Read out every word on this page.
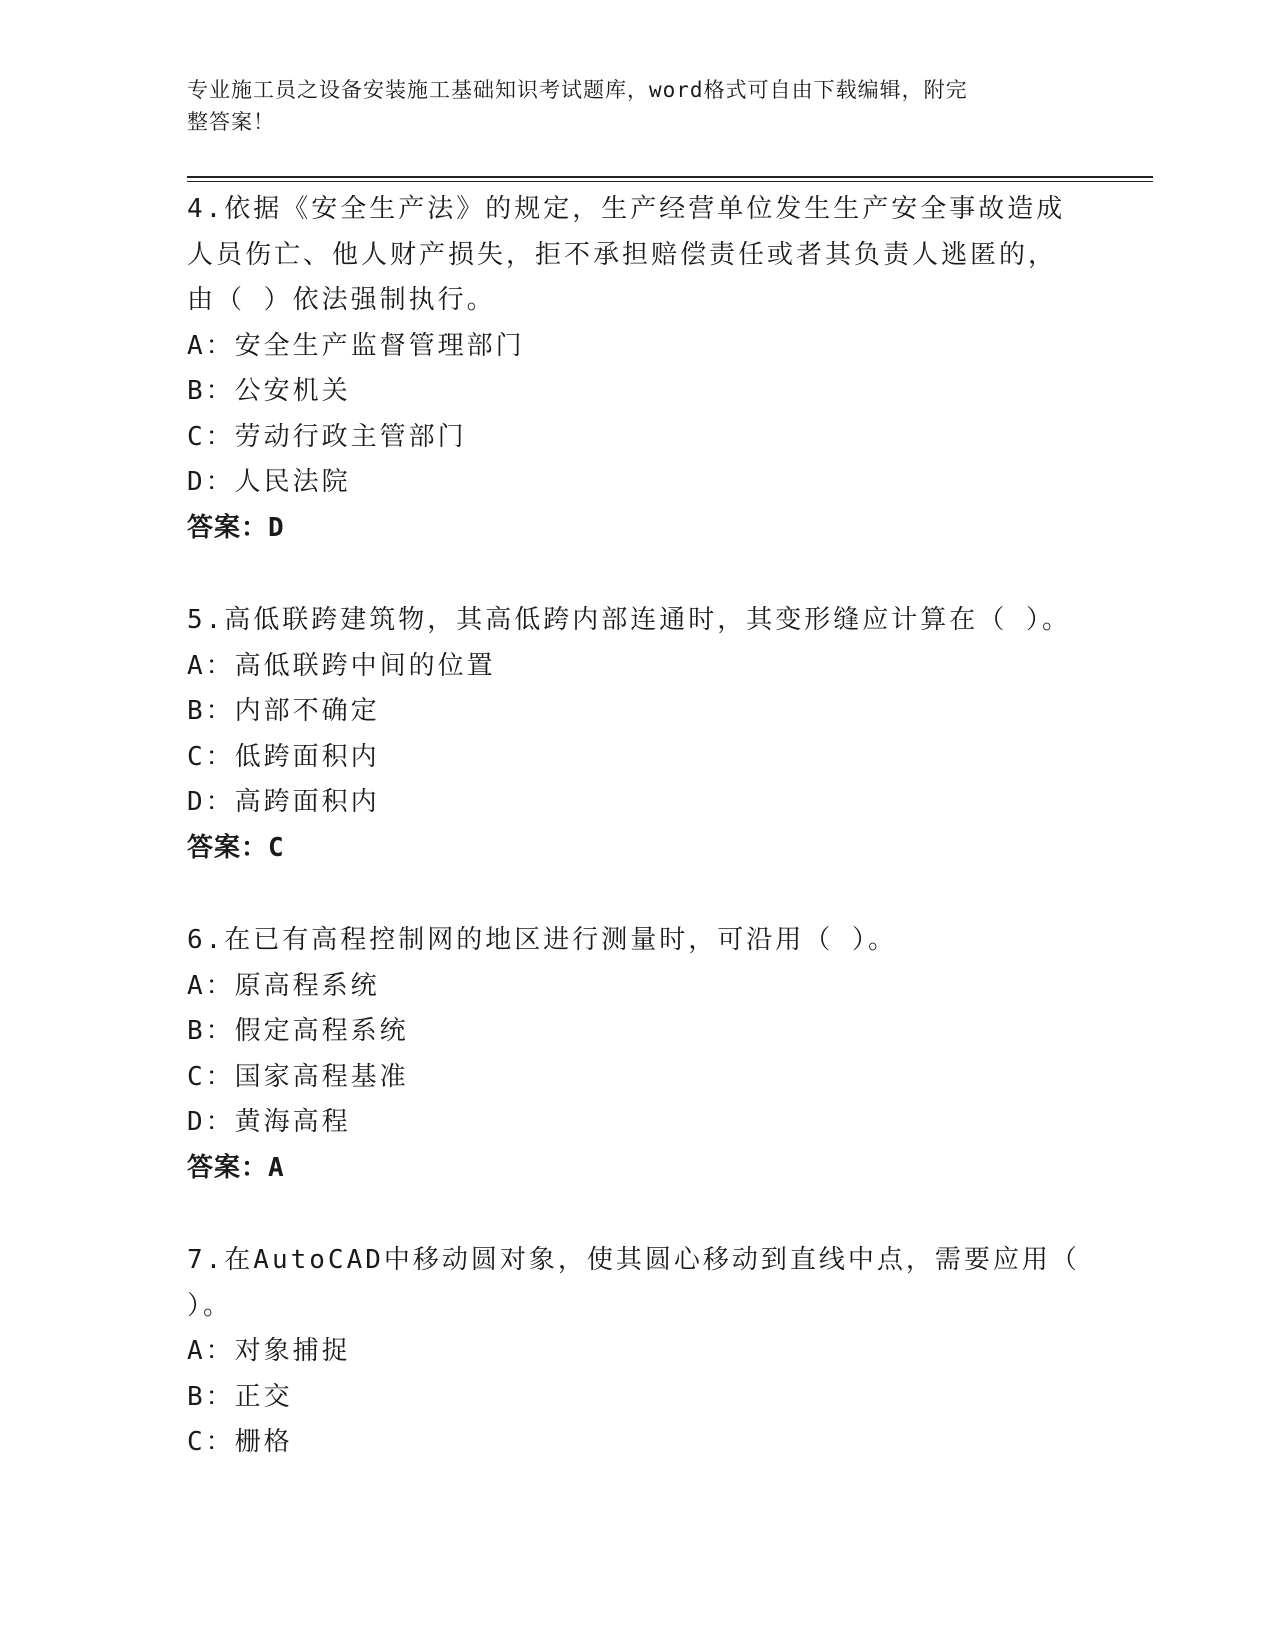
专业施工员之设备安装施工基础知识考试题库，word格式可自由下载编辑，附完
整答案！
4.依据《安全生产法》的规定，生产经营单位发生生产安全事故造成
人员伤亡、他人财产损失，拒不承担赔偿责任或者其负责人逃匿的，
由（ ）依法强制执行。
A：安全生产监督管理部门
B：公安机关
C：劳动行政主管部门
D：人民法院
答案：D
5.高低联跨建筑物，其高低跨内部连通时，其变形缝应计算在（ ）。
A：高低联跨中间的位置
B：内部不确定
C：低跨面积内
D：高跨面积内
答案：C
6.在已有高程控制网的地区进行测量时，可沿用（ ）。
A：原高程系统
B：假定高程系统
C：国家高程基准
D：黄海高程
答案：A
7.在AutoCAD中移动圆对象，使其圆心移动到直线中点，需要应用（
）。
A：对象捕捉
B：正交
C：栅格
